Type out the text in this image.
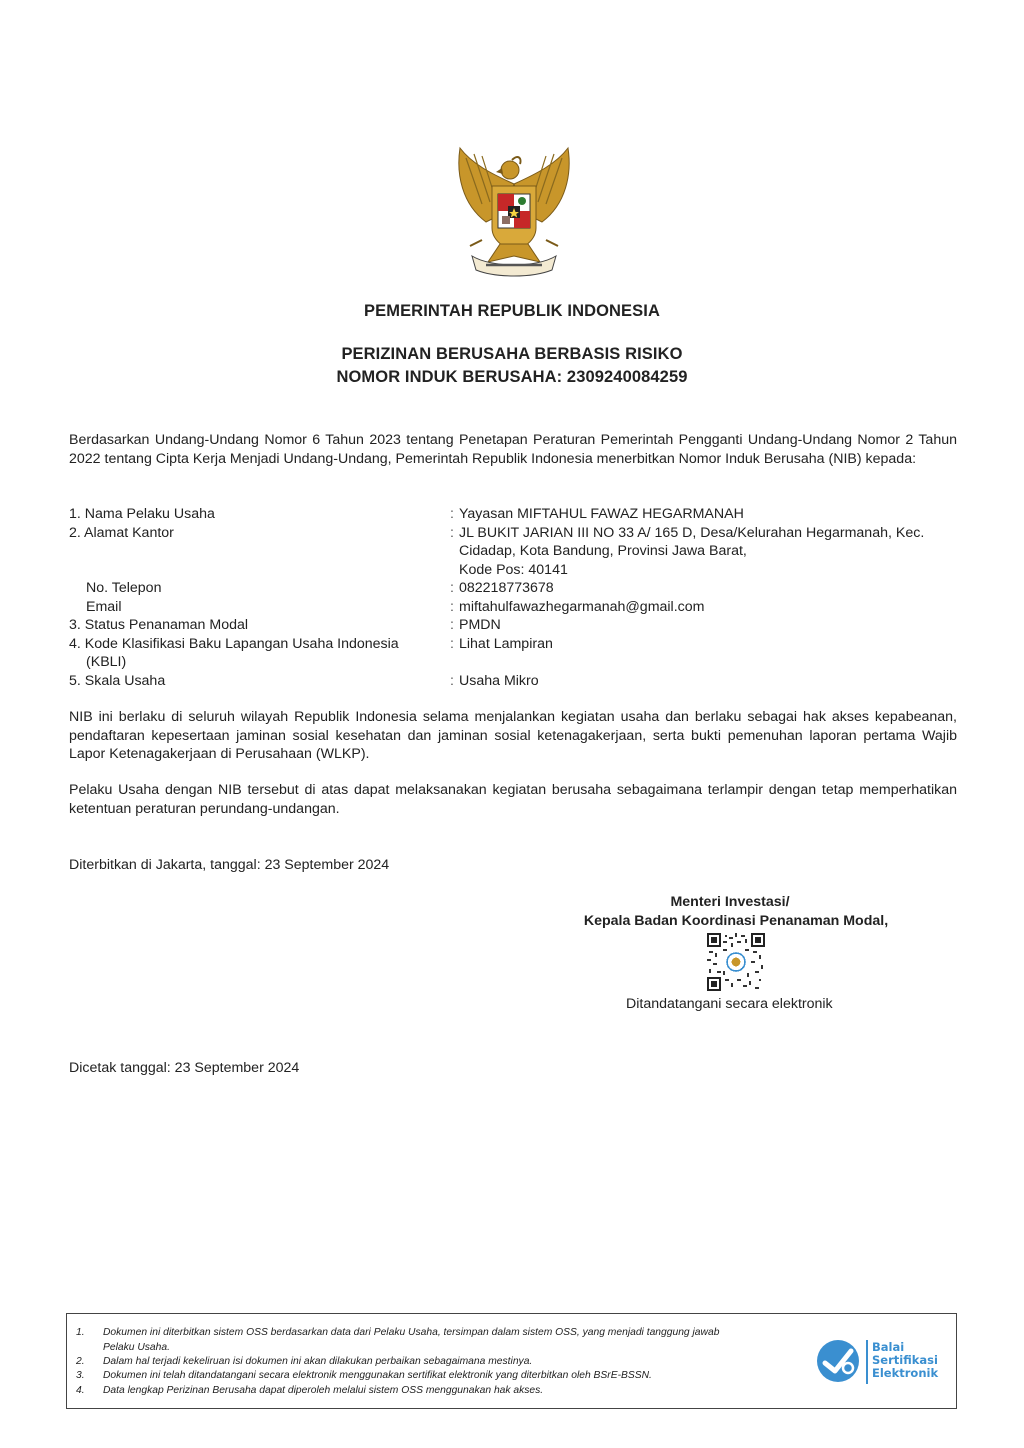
PEMERINTAH REPUBLIK INDONESIA
PERIZINAN BERUSAHA BERBASIS RISIKO
NOMOR INDUK BERUSAHA: 2309240084259
Berdasarkan Undang-Undang Nomor 6 Tahun 2023 tentang Penetapan Peraturan Pemerintah Pengganti Undang-Undang Nomor 2 Tahun 2022 tentang Cipta Kerja Menjadi Undang-Undang, Pemerintah Republik Indonesia menerbitkan Nomor Induk Berusaha (NIB) kepada:
1. Nama Pelaku Usaha	: Yayasan MIFTAHUL FAWAZ HEGARMANAH
2. Alamat Kantor	: JL BUKIT JARIAN III NO 33 A/ 165 D, Desa/Kelurahan Hegarmanah, Kec.
Cidadap, Kota Bandung, Provinsi Jawa Barat,
Kode Pos: 40141
No. Telepon	: 082218773678
Email	: miftahulfawazhegarmanah@gmail.com
3. Status Penanaman Modal	: PMDN
4. Kode Klasifikasi Baku Lapangan Usaha Indonesia
(KBLI)
: Lihat Lampiran
5. Skala Usaha	: Usaha Mikro
NIB ini berlaku di seluruh wilayah Republik Indonesia selama menjalankan kegiatan usaha dan berlaku sebagai hak akses kepabeanan, pendaftaran kepesertaan jaminan sosial kesehatan dan jaminan sosial ketenagakerjaan, serta bukti pemenuhan laporan pertama Wajib Lapor Ketenagakerjaan di Perusahaan (WLKP).
Pelaku Usaha dengan NIB tersebut di atas dapat melaksanakan kegiatan berusaha sebagaimana terlampir dengan tetap memperhatikan ketentuan peraturan perundang-undangan.
Diterbitkan di Jakarta, tanggal: 23 September 2024
Menteri Investasi/
Kepala Badan Koordinasi Penanaman Modal,
Ditandatangani secara elektronik
Dicetak tanggal: 23 September 2024
1.	Dokumen ini diterbitkan sistem OSS berdasarkan data dari Pelaku Usaha, tersimpan dalam sistem OSS, yang menjadi tanggung jawab
Pelaku Usaha.
2.	Dalam hal terjadi kekeliruan isi dokumen ini akan dilakukan perbaikan sebagaimana mestinya.
3.	Dokumen ini telah ditandatangani secara elektronik menggunakan sertifikat elektronik yang diterbitkan oleh BSrE-BSSN.
4.	Data lengkap Perizinan Berusaha dapat diperoleh melalui sistem OSS menggunakan hak akses.
Balai
Sertifikasi
Elektronik
